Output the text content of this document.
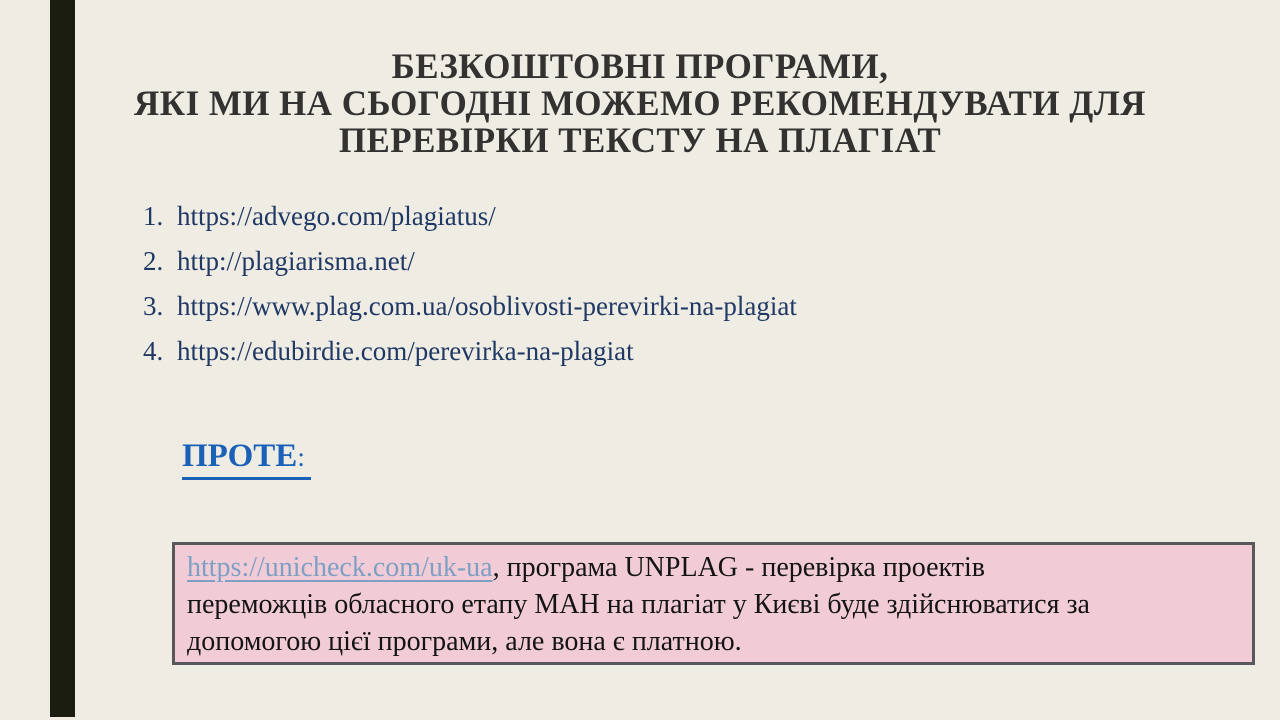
БЕЗКОШТОВНІ ПРОГРАМИ,
ЯКІ МИ НА СЬОГОДНІ МОЖЕМО РЕКОМЕНДУВАТИ ДЛЯ
ПЕРЕВІРКИ ТЕКСТУ НА ПЛАГІАТ
1. https://advego.com/plagiatus/
2. http://plagiarisma.net/
3. https://www.plag.com.ua/osoblivosti-perevirki-na-plagiat
4. https://edubirdie.com/perevirka-na-plagiat
ПРОТЕ:
https://unicheck.com/uk-ua, програма UNPLAG - перевірка проектів
переможців обласного етапу МАН на плагіат у Києві буде здійснюватися за
допомогою цієї програми, але вона є платною.
